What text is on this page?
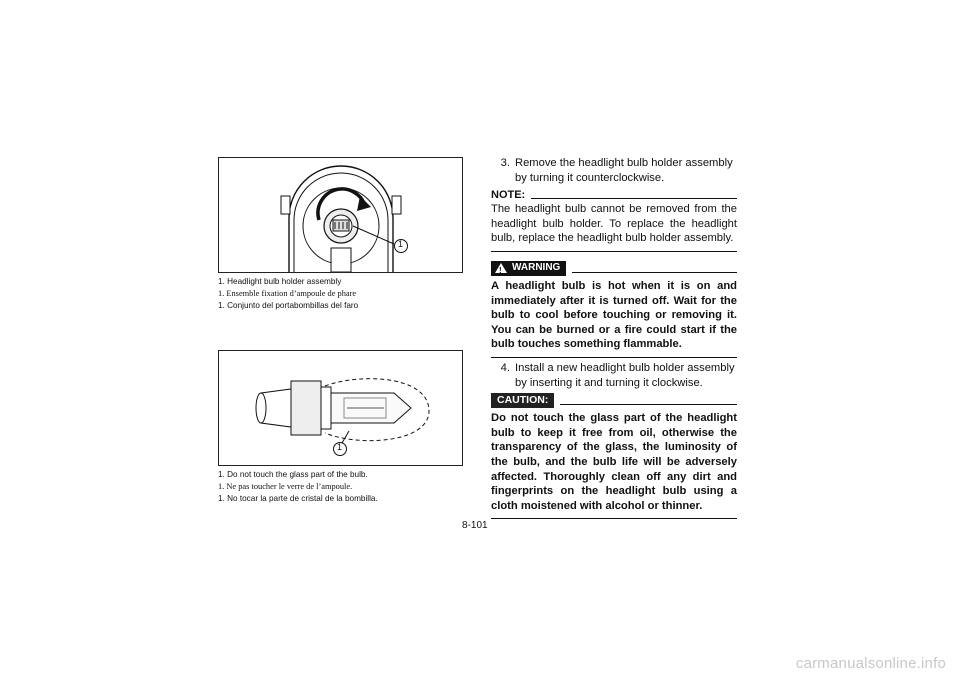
1
1. Headlight bulb holder assembly
1. Ensemble fixation d’ampoule de phare
1. Conjunto del portabombillas del faro
1
1. Do not touch the glass part of the bulb.
1. Ne pas toucher le verre de l’ampoule.
1. No tocar la parte de cristal de la bombilla.
3. Remove the headlight bulb holder assembly by turning it counterclockwise.
NOTE:
The headlight bulb cannot be removed from the headlight bulb holder. To replace the headlight bulb, replace the headlight bulb holder assembly.
!
WARNING
A headlight bulb is hot when it is on and immediately after it is turned off. Wait for the bulb to cool before touching or removing it. You can be burned or a fire could start if the bulb touches something flammable.
4. Install a new headlight bulb holder assembly by inserting it and turning it clockwise.
CAUTION:
Do not touch the glass part of the headlight bulb to keep it free from oil, otherwise the transparency of the glass, the luminosity of the bulb, and the bulb life will be adversely affected. Thoroughly clean off any dirt and fingerprints on the headlight bulb using a cloth moistened with alcohol or thinner.
8-101
carmanualsonline.info
